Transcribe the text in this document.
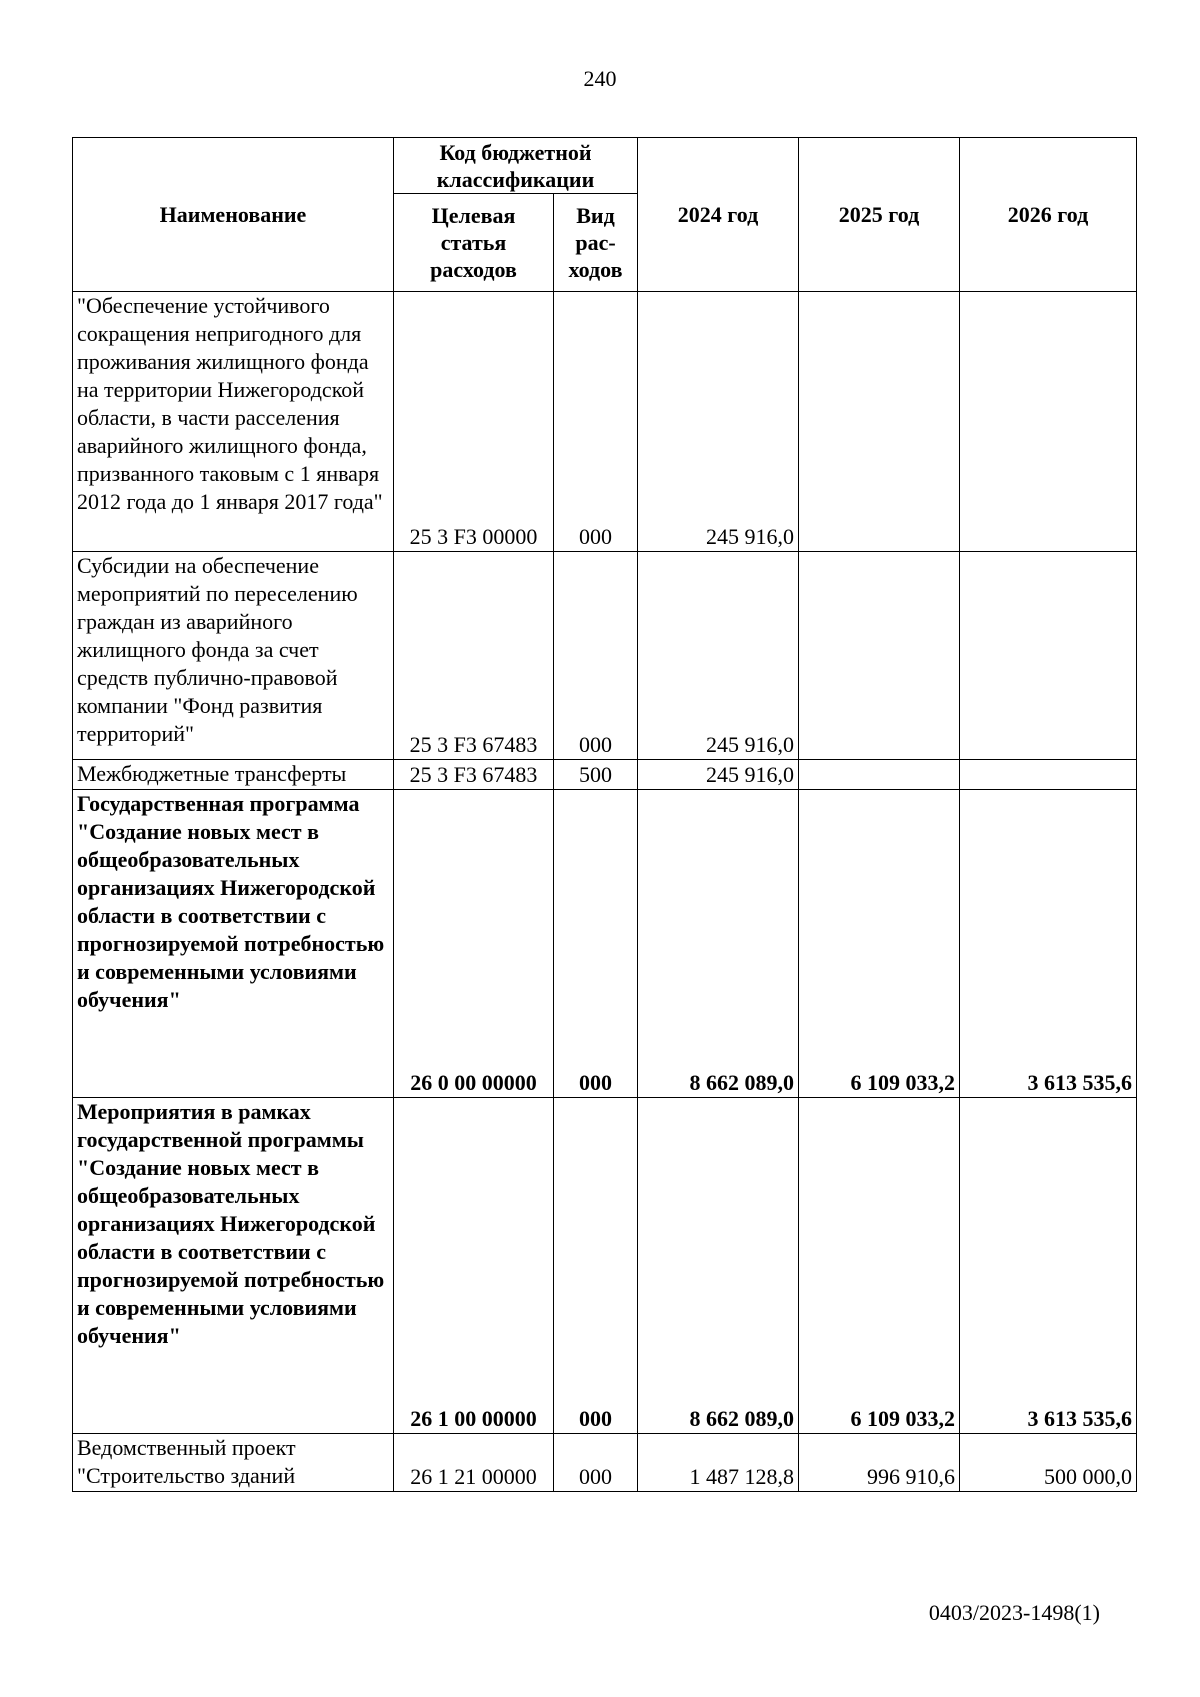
240
Наименование	Код бюджетной классификации		2024 год	2025 год	2026 год
	Целевая статья расходов	Вид рас-ходов			
"Обеспечение устойчивого сокращения непригодного для проживания жилищного фонда на территории Нижегородской области, в части расселения аварийного жилищного фонда, призванного таковым с 1 января 2012 года до 1 января 2017 года"	25 3 F3 00000	000	245 916,0		
Субсидии на обеспечение мероприятий по переселению граждан из аварийного жилищного фонда за счет средств публично-правовой компании "Фонд развития территорий"	25 3 F3 67483	000	245 916,0		
Межбюджетные трансферты	25 3 F3 67483	500	245 916,0		
Государственная программа "Создание новых мест в общеобразовательных организациях Нижегородской области в соответствии с прогнозируемой потребностью и современными условиями обучения"	26 0 00 00000	000	8 662 089,0	6 109 033,2	3 613 535,6
Мероприятия в рамках государственной программы "Создание новых мест в общеобразовательных организациях Нижегородской области в соответствии с прогнозируемой потребностью и современными условиями обучения"	26 1 00 00000	000	8 662 089,0	6 109 033,2	3 613 535,6
Ведомственный проект "Строительство зданий	26 1 21 00000	000	1 487 128,8	996 910,6	500 000,0
0403/2023-1498(1)
